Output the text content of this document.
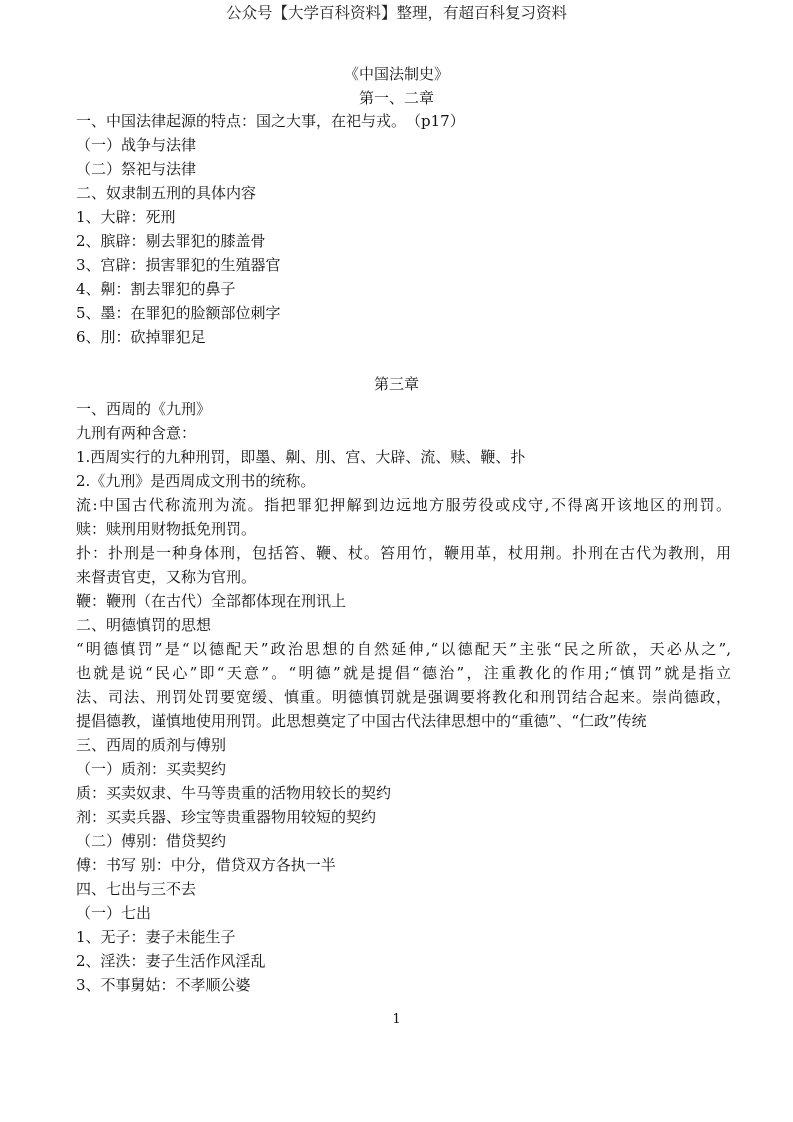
公众号【大学百科资料】整理，有超百科复习资料
《中国法制史》
第一、二章
一、中国法律起源的特点：国之大事，在祀与戎。　（p17）
（一）战争与法律
（二）祭祀与法律
二、奴隶制五刑的具体内容
1、大辟：死刑
2、膑辟：剔去罪犯的膝盖骨
3、宫辟：损害罪犯的生殖器官
4、劓：割去罪犯的鼻子
5、墨：在罪犯的脸额部位刺字
6、刖：砍掉罪犯足
第三章
一、西周的《九刑》
九刑有两种含意：
1.西周实行的九种刑罚，即墨、劓、刖、宫、大辟、流、赎、鞭、扑
2.《九刑》是西周成文刑书的统称。
流:中国古代称流刑为流。指把罪犯押解到边远地方服劳役或戍守,不得离开该地区的刑罚。
赎：赎刑用财物抵免刑罚。
扑：扑刑是一种身体刑，包括笞、鞭、杖。笞用竹，鞭用革，杖用荆。扑刑在古代为教刑，用
来督责官吏，又称为官刑。
鞭：鞭刑（在古代）全部都体现在刑讯上
二、明德慎罚的思想
“明德慎罚”是“以德配天”政治思想的自然延伸,“以德配天”主张“民之所欲，天必从之”,
也就是说“民心”即“天意”。“明德”就是提倡“德治”，注重教化的作用;“慎罚”就是指立
法、司法、刑罚处罚要宽缓、慎重。明德慎罚就是强调要将教化和刑罚结合起来。崇尚德政，
提倡德教，谨慎地使用刑罚。此思想奠定了中国古代法律思想中的“重德”、“仁政”传统
三、西周的质剂与傅别
（一）质剂：买卖契约
质：买卖奴隶、牛马等贵重的活物用较长的契约
剂：买卖兵器、珍宝等贵重器物用较短的契约
（二）傅别：借贷契约
傅：书写 别：中分，借贷双方各执一半
四、七出与三不去
（一）七出
1、无子：妻子未能生子
2、淫泆：妻子生活作风淫乱
3、不事舅姑：不孝顺公婆
1
